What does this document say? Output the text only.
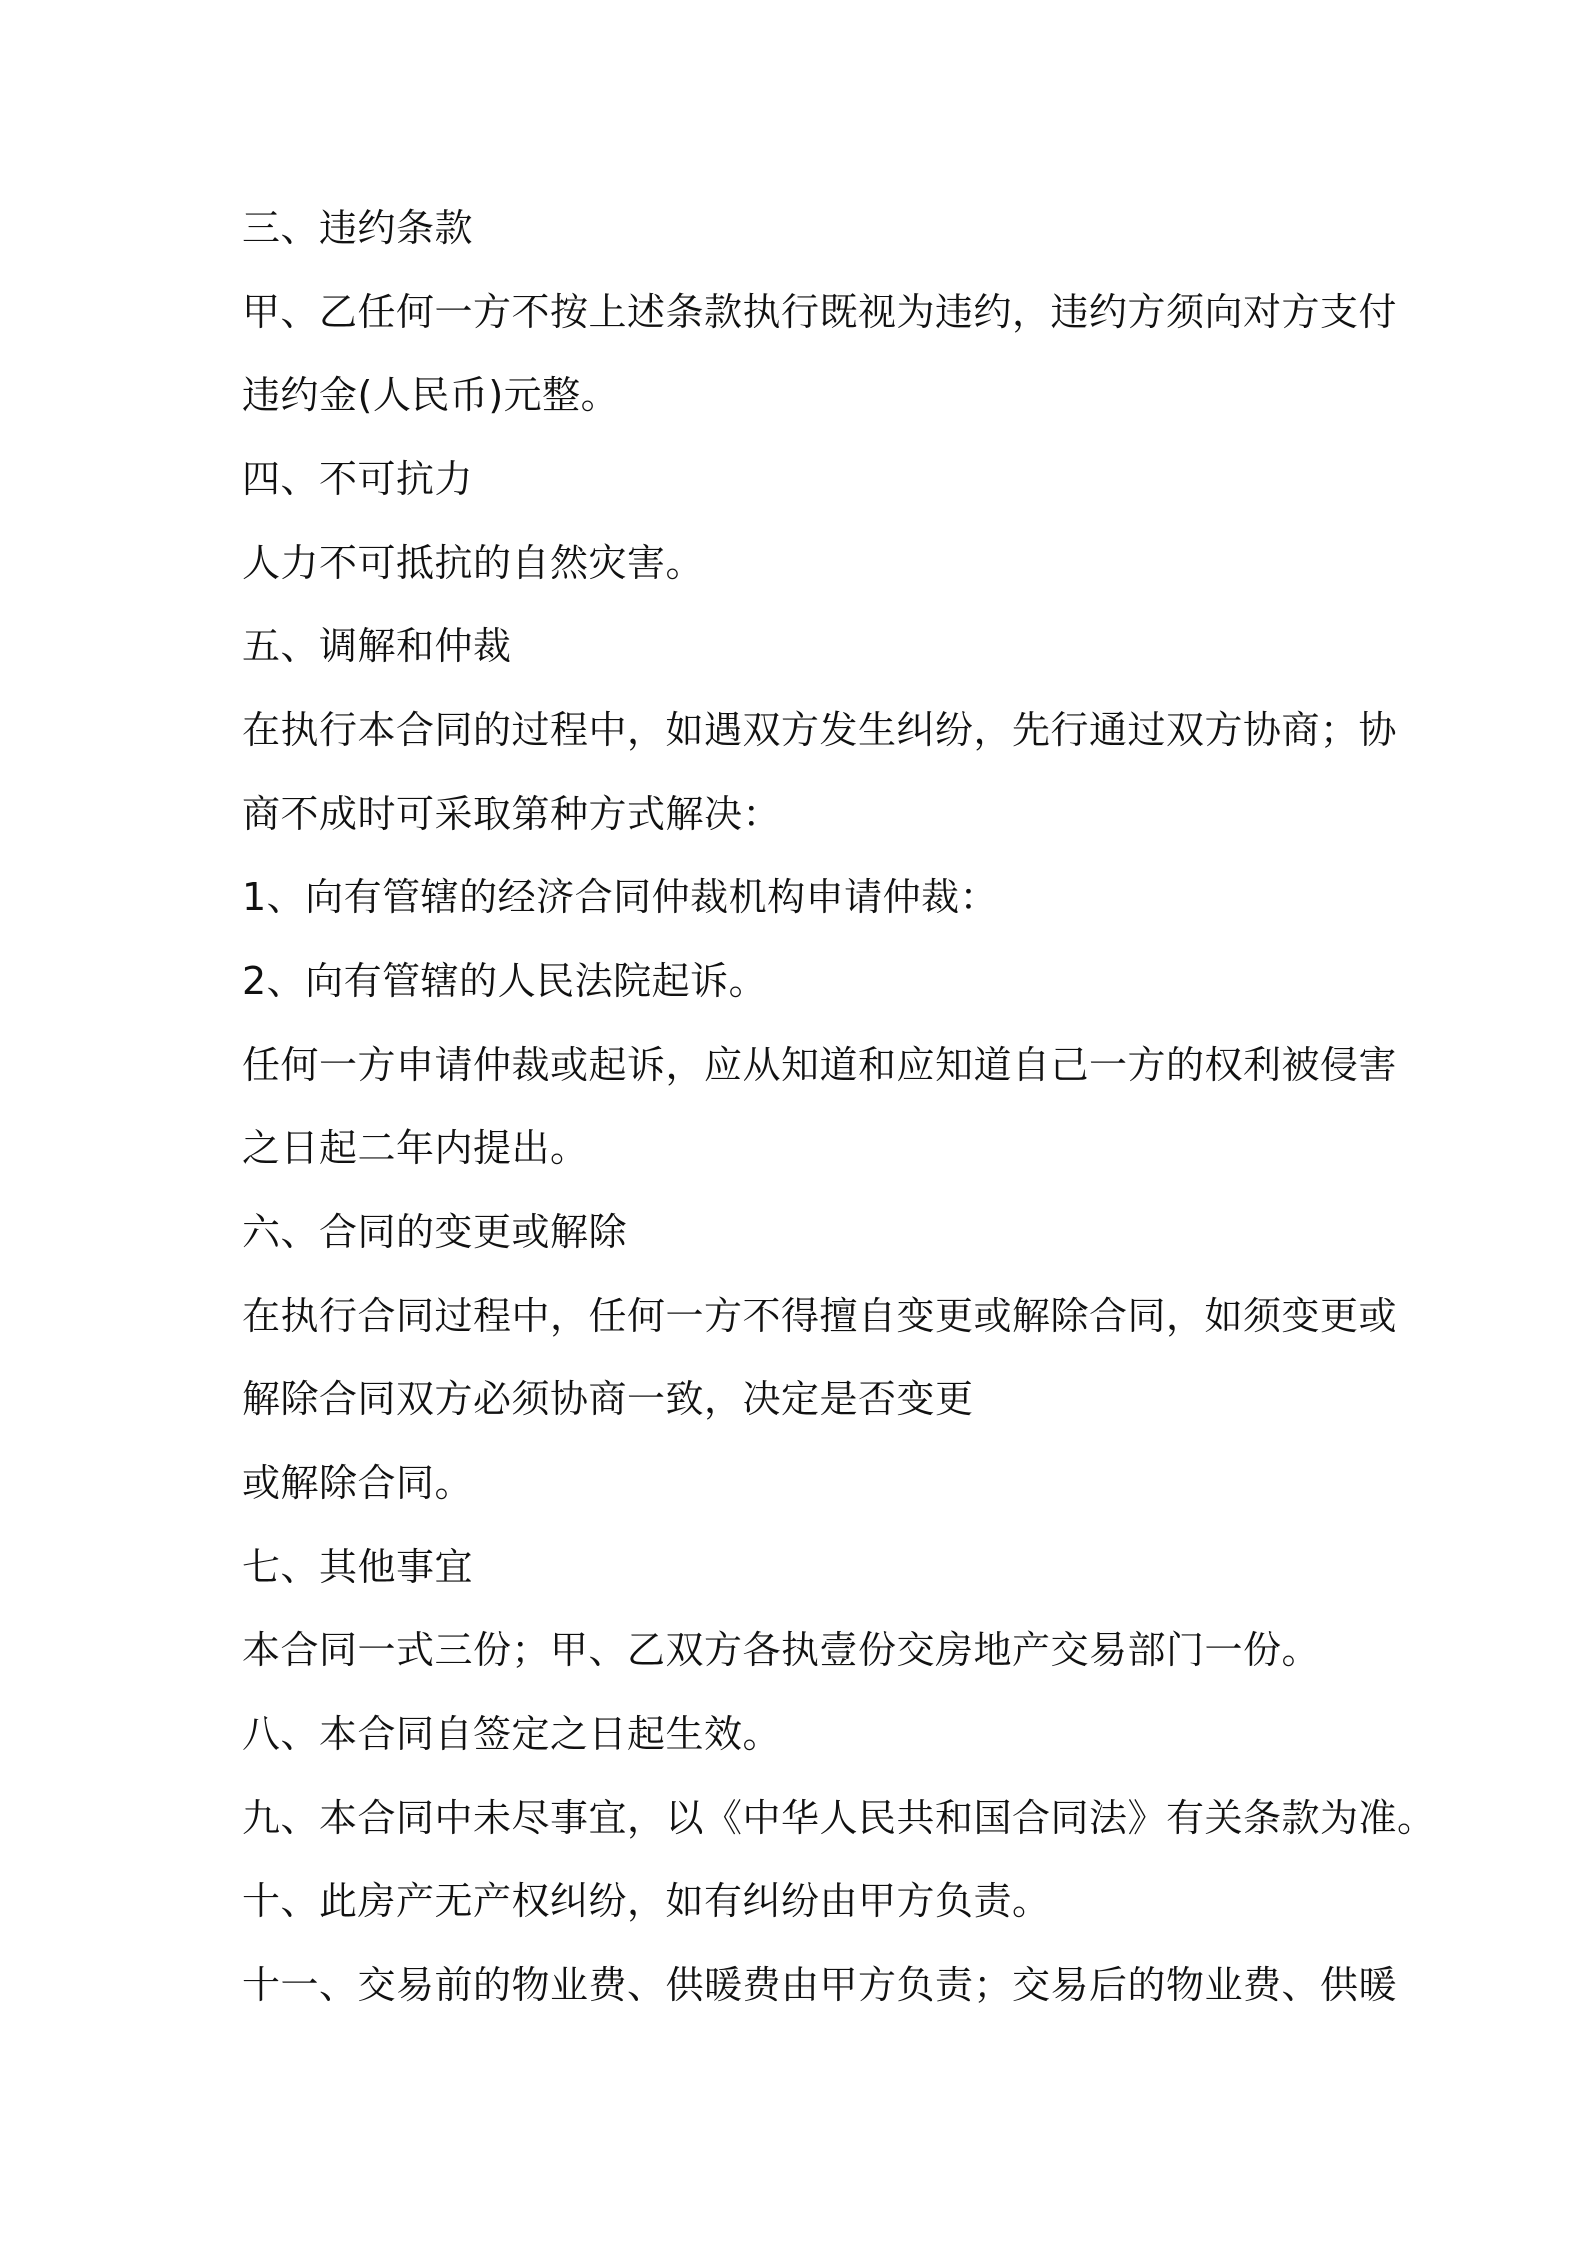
三、违约条款
甲、乙任何一方不按上述条款执行既视为违约，违约方须向对方支付
违约金(人民币)元整。
四、不可抗力
人力不可抵抗的自然灾害。
五、调解和仲裁
在执行本合同的过程中，如遇双方发生纠纷，先行通过双方协商；协
商不成时可采取第种方式解决：
1、向有管辖的经济合同仲裁机构申请仲裁：
2、向有管辖的人民法院起诉。
任何一方申请仲裁或起诉，应从知道和应知道自己一方的权利被侵害
之日起二年内提出。
六、合同的变更或解除
在执行合同过程中，任何一方不得擅自变更或解除合同，如须变更或
解除合同双方必须协商一致，决定是否变更
或解除合同。
七、其他事宜
本合同一式三份；甲、乙双方各执壹份交房地产交易部门一份。
八、本合同自签定之日起生效。
九、本合同中未尽事宜，以《中华人民共和国合同法》有关条款为准。
十、此房产无产权纠纷，如有纠纷由甲方负责。
十一、交易前的物业费、供暖费由甲方负责；交易后的物业费、供暖
